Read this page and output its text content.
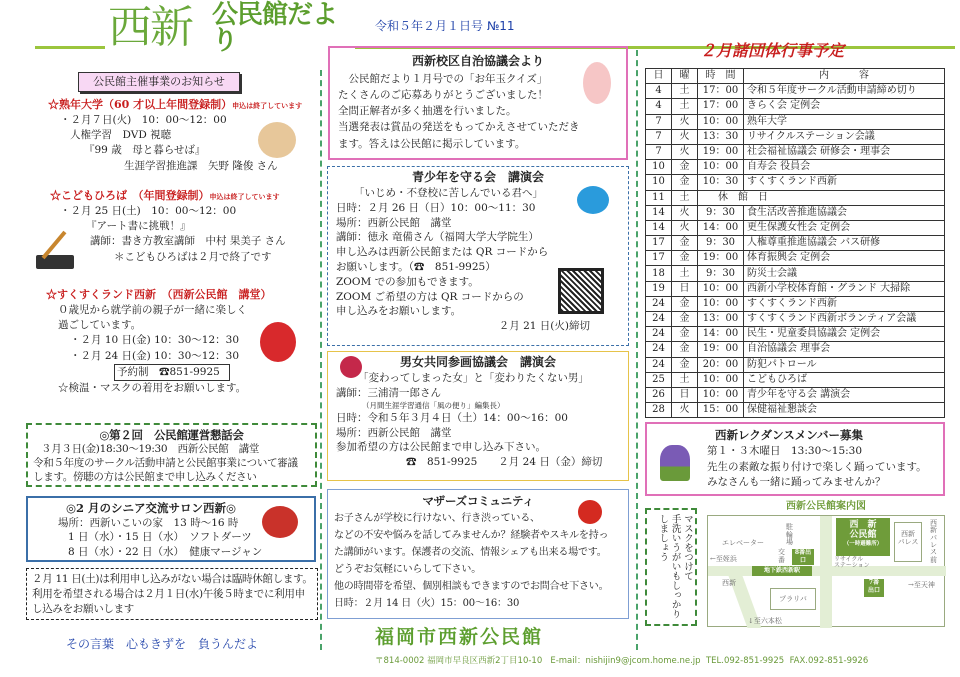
西新 公民館だより	令和５年２月１日号 №11
公民館主催事業のお知らせ
☆熟年大学（60 才以上年間登録制）申込は終了しています
・２月７日(火)　10：00～12：00
人権学習　DVD 視聴
『99 歳　母と暮らせば』
生涯学習推進課　矢野 隆俊 さん
☆こどもひろば　（年間登録制）申込は終了しています
・２月 25 日(土)　10：00～12：00
『アート書に挑戦！』
講師：書き方教室講師　中村 果美子 さん
＊こどもひろばは２月で終了です
☆すくすくランド西新　（西新公民館　講堂）
０歳児から就学前の親子が一緒に楽しく
過ごしています。
・２月 10 日(金) 10：30～12：30
・２月 24 日(金) 10：30～12：30
予約制　☎851-9925
☆検温・マスクの着用をお願いします。
◎第２回　公民館運営懇話会
３月３日(金)18:30～19:30　西新公民館　講堂
令和５年度のサークル活動申請と公民館事業について審議
します。傍聴の方は公民館まで申し込みください
◎2 月のシニア交流サロン西新◎
場所：西新いこいの家　13 時～16 時
1 日（水）・15 日（水）　ソフトダーツ
8 日（水）・22 日（水）　健康マージャン
２月 11 日(土)は利用申し込みがない場合は臨時休館します。
利用を希望される場合は２月１日(水)午後５時までに利用申
し込みをお願いします
その言葉　心もきずを　負うんだよ
西新校区自治協議会より
　公民館だより１月号での「お年玉クイズ」
たくさんのご応募ありがとうございました！
全問正解者が多く抽選を行いました。
当選発表は賞品の発送をもってかえさせていただき
ます。答えは公民館に掲示しています。
青少年を守る会　講演会
「いじめ・不登校に苦しんでいる君へ」
日時：２月 26 日（日）10：00～11：30
場所：西新公民館　講堂
講師：徳永 竜備さん（福岡大学大学院生）
申し込みは西新公民館または QR コードから
お願いします。（☎　851-9925）
ZOOM での参加もできます。
ZOOM ご希望の方は QR コードからの
申し込みをお願いします。
２月 21 日(火)締切
男女共同参画協議会　講演会
「変わってしまった女」と「変わりたくない男」
講師：三浦清一郎さん
（月間生涯学習通信「風の便り」編集長）
日時：令和５年３月４日（土）14：00～16：00
場所：西新公民館　講堂
参加希望の方は公民館まで申し込み下さい。
☎　851-9925　　２月 24 日（金）締切
マザーズコミュニティ
お子さんが学校に行けない、行き渋っている、
などの不安や悩みを話してみませんか？経験者やスキルを持っ
た講師がいます。保護者の交流、情報シェアも出来る場です。
どうぞお気軽にいらして下さい。
他の時間帯を希望、個別相談もできますのでお問合せ下さい。
日時：２月 14 日（火）15：00～16：30
２月諸団体行事予定
日	曜	時　間	内　　　容
4	土	17：00	令和５年度サークル活動申請締め切り
4	土	17：00	きらく会 定例会
7	火	10：00	熟年大学
7	火	13：30	リサイクルステーション会議
7	火	19：00	社会福祉協議会 研修会・理事会
10	金	10：00	自寿会 役員会
10	金	10：30	すくすくランド西新
11	土	休　館　日	
14	火	9：30	食生活改善推進協議会
14	火	14：00	更生保護女性会 定例会
17	金	9：30	人権尊重推進協議会 バス研修
17	金	19：00	体育振興会 定例会
18	土	9：30	防災士会議
19	日	10：00	西新小学校体育館・グランド 大掃除
24	金	10：00	すくすくランド西新
24	金	13：00	すくすくランド西新ボランティア会議
24	金	14：00	民生・児童委員協議会 定例会
24	金	19：00	自治協議会 理事会
24	金	20：00	防犯パトロール
25	土	10：00	こどもひろば
26	日	10：00	青少年を守る会 講演会
28	火	15：00	保健福祉懇談会
西新レクダンスメンバー募集
第１・３木曜日　13:30～15:30
先生の素敵な振り付けで楽しく踊っています。
みなさんも一緒に踊ってみませんか？
マスクをつけて
手洗いうがいもしっかり
しましょう
西新公民館案内図
エレベーター
駐輪場
交番
8番出口
西　新
公民館
（一時避難所）
リサイクル
ステーション
西新
パレス
西新パレス前
←至姪浜
地下鉄西新駅
西新
プラリバ
7番
出口
→至天神
↓至六本松
福岡市西新公民館
〒814-0002 福岡市早良区西新2丁目10-10 E-mail：nishijin9@jcom.home.ne.jp TEL.092-851-9925 FAX.092-851-9926
